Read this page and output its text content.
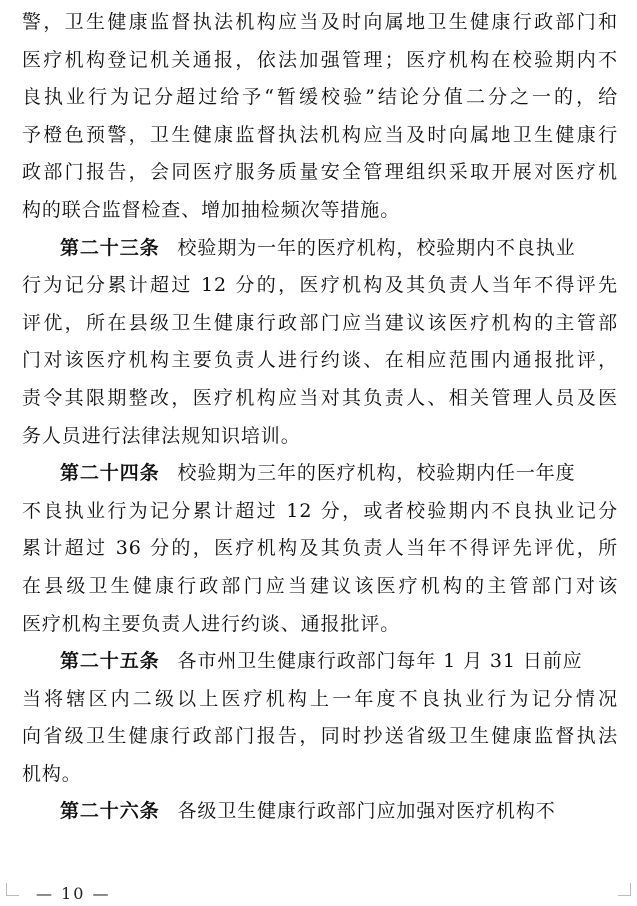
警，卫生健康监督执法机构应当及时向属地卫生健康行政部门和
医疗机构登记机关通报，依法加强管理；医疗机构在校验期内不
良执业行为记分超过给予“暂缓校验”结论分值二分之一的，给
予橙色预警，卫生健康监督执法机构应当及时向属地卫生健康行
政部门报告，会同医疗服务质量安全管理组织采取开展对医疗机
构的联合监督检查、增加抽检频次等措施。
第二十三条 校验期为一年的医疗机构，校验期内不良执业
行为记分累计超过 12 分的，医疗机构及其负责人当年不得评先
评优，所在县级卫生健康行政部门应当建议该医疗机构的主管部
门对该医疗机构主要负责人进行约谈、在相应范围内通报批评，
责令其限期整改，医疗机构应当对其负责人、相关管理人员及医
务人员进行法律法规知识培训。
第二十四条 校验期为三年的医疗机构，校验期内任一年度
不良执业行为记分累计超过 12 分，或者校验期内不良执业记分
累计超过 36 分的，医疗机构及其负责人当年不得评先评优，所
在县级卫生健康行政部门应当建议该医疗机构的主管部门对该
医疗机构主要负责人进行约谈、通报批评。
第二十五条 各市州卫生健康行政部门每年 1 月 31 日前应
当将辖区内二级以上医疗机构上一年度不良执业行为记分情况
向省级卫生健康行政部门报告，同时抄送省级卫生健康监督执法
机构。
第二十六条 各级卫生健康行政部门应加强对医疗机构不
— 10 —
